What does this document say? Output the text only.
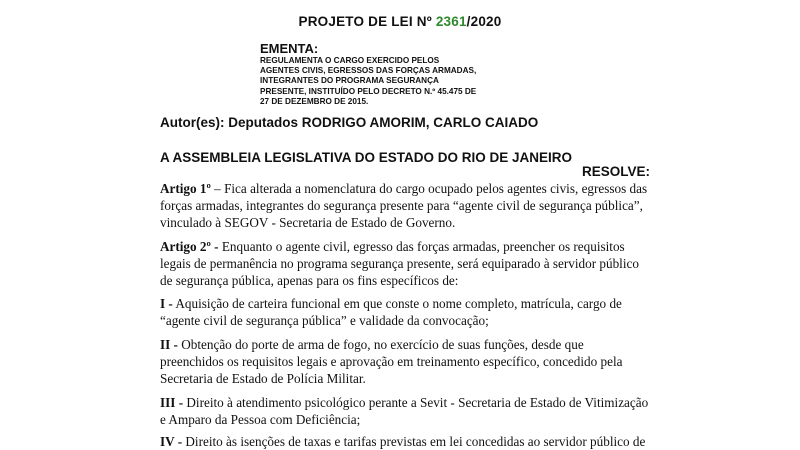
PROJETO DE LEI Nº 2361/2020
EMENTA:
REGULAMENTA O CARGO EXERCIDO PELOS
AGENTES CIVIS, EGRESSOS DAS FORÇAS ARMADAS,
INTEGRANTES DO PROGRAMA SEGURANÇA
PRESENTE, INSTITUÍDO PELO DECRETO N.º 45.475 DE
27 DE DEZEMBRO DE 2015.
Autor(es): Deputados RODRIGO AMORIM, CARLO CAIADO
A ASSEMBLEIA LEGISLATIVA DO ESTADO DO RIO DE JANEIRO
RESOLVE:
Artigo 1º – Fica alterada a nomenclatura do cargo ocupado pelos agentes civis, egressos das
forças armadas, integrantes do segurança presente para “agente civil de segurança pública”,
vinculado à SEGOV - Secretaria de Estado de Governo.
Artigo 2º - Enquanto o agente civil, egresso das forças armadas, preencher os requisitos
legais de permanência no programa segurança presente, será equiparado à servidor público
de segurança pública, apenas para os fins específicos de:
I - Aquisição de carteira funcional em que conste o nome completo, matrícula, cargo de
“agente civil de segurança pública” e validade da convocação;
II - Obtenção do porte de arma de fogo, no exercício de suas funções, desde que
preenchidos os requisitos legais e aprovação em treinamento específico, concedido pela
Secretaria de Estado de Polícia Militar.
III - Direito à atendimento psicológico perante a Sevit - Secretaria de Estado de Vitimização
e Amparo da Pessoa com Deficiência;
IV - Direito às isenções de taxas e tarifas previstas em lei concedidas ao servidor público de
